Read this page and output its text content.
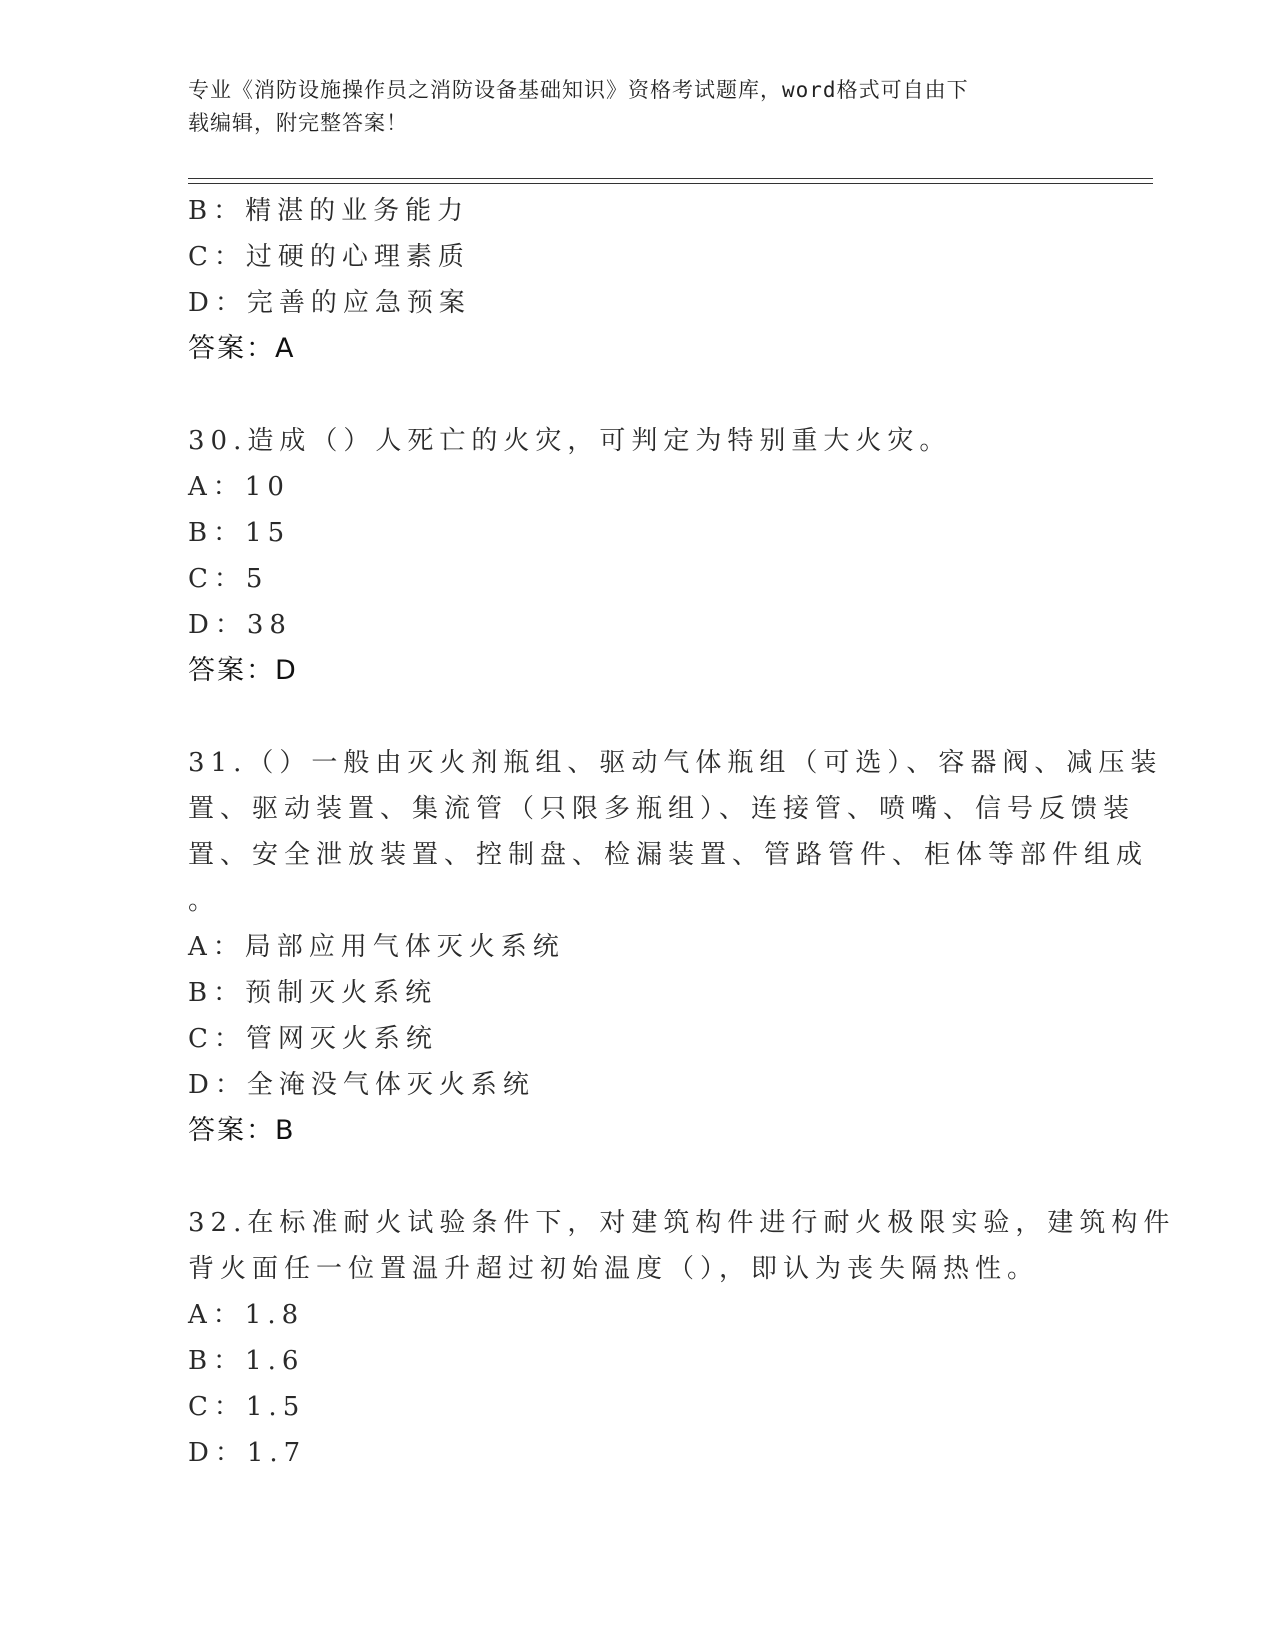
专业《消防设施操作员之消防设备基础知识》资格考试题库，word格式可自由下
载编辑，附完整答案！
B：精湛的业务能力
C：过硬的心理素质
D：完善的应急预案
答案：A
30.造成（）人死亡的火灾，可判定为特别重大火灾。
A：10
B：15
C：5
D：38
答案：D
31.（）一般由灭火剂瓶组、驱动气体瓶组（可选）、容器阀、减压装
置、驱动装置、集流管（只限多瓶组）、连接管、喷嘴、信号反馈装
置、安全泄放装置、控制盘、检漏装置、管路管件、柜体等部件组成
。
A：局部应用气体灭火系统
B：预制灭火系统
C：管网灭火系统
D：全淹没气体灭火系统
答案：B
32.在标准耐火试验条件下，对建筑构件进行耐火极限实验，建筑构件
背火面任一位置温升超过初始温度（），即认为丧失隔热性。
A：1.8
B：1.6
C：1.5
D：1.7
